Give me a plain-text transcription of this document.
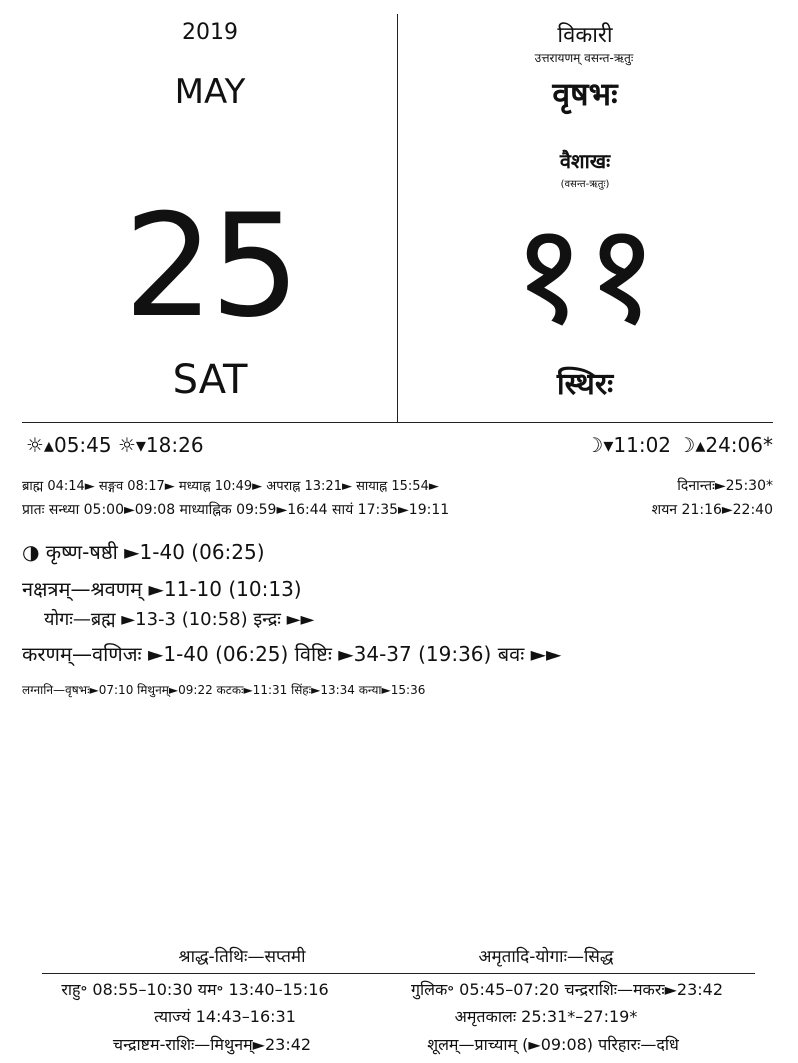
2019
MAY
25
SAT
विकारी
उत्तरायणम् वसन्त-ऋतुः
वृषभः
वैशाखः
(वसन्त-ऋतुः)
११
स्थिरः
☼▴05:45 ☼▾18:26	☽▾11:02 ☽▴24:06*
ब्राह्म 04:14► सङ्गव 08:17► मध्याह्न 10:49► अपराह्न 13:21► सायाह्न 15:54►	दिनान्तः►25:30*
प्रातः सन्ध्या 05:00►09:08 माध्याह्निक 09:59►16:44 सायं 17:35►19:11	शयन 21:16►22:40
◑ कृष्ण-षष्ठी ►1-40 (06:25)
नक्षत्रम्—श्रवणम् ►11-10 (10:13)
योगः—ब्रह्म ►13-3 (10:58) इन्द्रः ►►
करणम्—वणिजः ►1-40 (06:25) विष्टिः ►34-37 (19:36) बवः ►►
लग्नानि—वृषभः►07:10 मिथुनम्►09:22 कटकः►11:31 सिंहः►13:34 कन्या►15:36
श्राद्ध-तिथिः—सप्तमी	अमृतादि-योगाः—सिद्ध
राहु॰ 08:55–10:30 यम॰ 13:40–15:16	गुलिक॰ 05:45–07:20 चन्द्रराशिः—मकरः►23:42
त्याज्यं 14:43–16:31	अमृतकालः 25:31*–27:19*
चन्द्राष्टम-राशिः—मिथुनम्►23:42	शूलम्—प्राच्याम् (►09:08) परिहारः—दधि
